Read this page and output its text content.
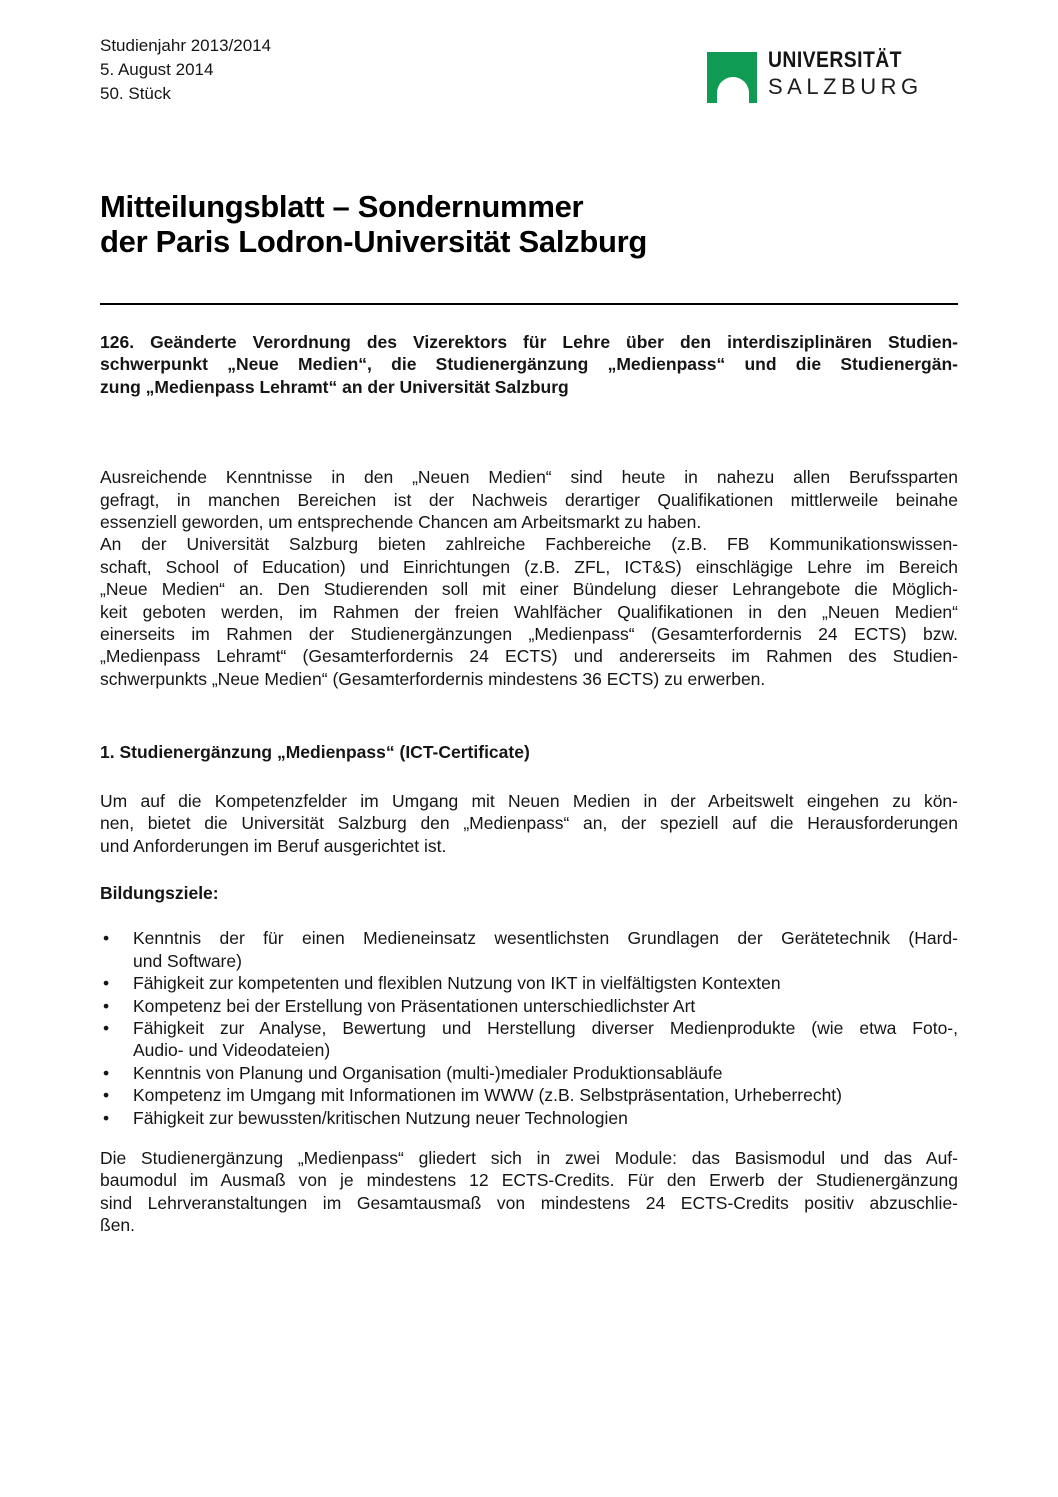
Studienjahr 2013/2014
5. August 2014
50. Stück
UNIVERSITÄT
SALZBURG
Mitteilungsblatt – Sondernummer
der Paris Lodron-Universität Salzburg
126. Geänderte Verordnung des Vizerektors für Lehre über den interdisziplinären Studien-
schwerpunkt „Neue Medien“, die Studienergänzung „Medienpass“ und die Studienergän-
zung „Medienpass Lehramt“ an der Universität Salzburg
Ausreichende Kenntnisse in den „Neuen Medien“ sind heute in nahezu allen Berufssparten
gefragt, in manchen Bereichen ist der Nachweis derartiger Qualifikationen mittlerweile beinahe
essenziell geworden, um entsprechende Chancen am Arbeitsmarkt zu haben.
An der Universität Salzburg bieten zahlreiche Fachbereiche (z.B. FB Kommunikationswissen-
schaft, School of Education) und Einrichtungen (z.B. ZFL, ICT&S) einschlägige Lehre im Bereich
„Neue Medien“ an. Den Studierenden soll mit einer Bündelung dieser Lehrangebote die Möglich-
keit geboten werden, im Rahmen der freien Wahlfächer Qualifikationen in den „Neuen Medien“
einerseits im Rahmen der Studienergänzungen „Medienpass“ (Gesamterfordernis 24 ECTS) bzw.
„Medienpass Lehramt“ (Gesamterfordernis 24 ECTS) und andererseits im Rahmen des Studien-
schwerpunkts „Neue Medien“ (Gesamterfordernis mindestens 36 ECTS) zu erwerben.
1. Studienergänzung „Medienpass“ (ICT-Certificate)
Um auf die Kompetenzfelder im Umgang mit Neuen Medien in der Arbeitswelt eingehen zu kön-
nen, bietet die Universität Salzburg den „Medienpass“ an, der speziell auf die Herausforderungen
und Anforderungen im Beruf ausgerichtet ist.
Bildungsziele:
•	Kenntnis der für einen Medieneinsatz wesentlichsten Grundlagen der Gerätetechnik (Hard-
und Software)
•	Fähigkeit zur kompetenten und flexiblen Nutzung von IKT in vielfältigsten Kontexten
•	Kompetenz bei der Erstellung von Präsentationen unterschiedlichster Art
•	Fähigkeit zur Analyse, Bewertung und Herstellung diverser Medienprodukte (wie etwa Foto-,
Audio- und Videodateien)
•	Kenntnis von Planung und Organisation (multi-)medialer Produktionsabläufe
•	Kompetenz im Umgang mit Informationen im WWW (z.B. Selbstpräsentation, Urheberrecht)
•	Fähigkeit zur bewussten/kritischen Nutzung neuer Technologien
Die Studienergänzung „Medienpass“ gliedert sich in zwei Module: das Basismodul und das Auf-
baumodul im Ausmaß von je mindestens 12 ECTS-Credits. Für den Erwerb der Studienergänzung
sind Lehrveranstaltungen im Gesamtausmaß von mindestens 24 ECTS-Credits positiv abzuschlie-
ßen.
